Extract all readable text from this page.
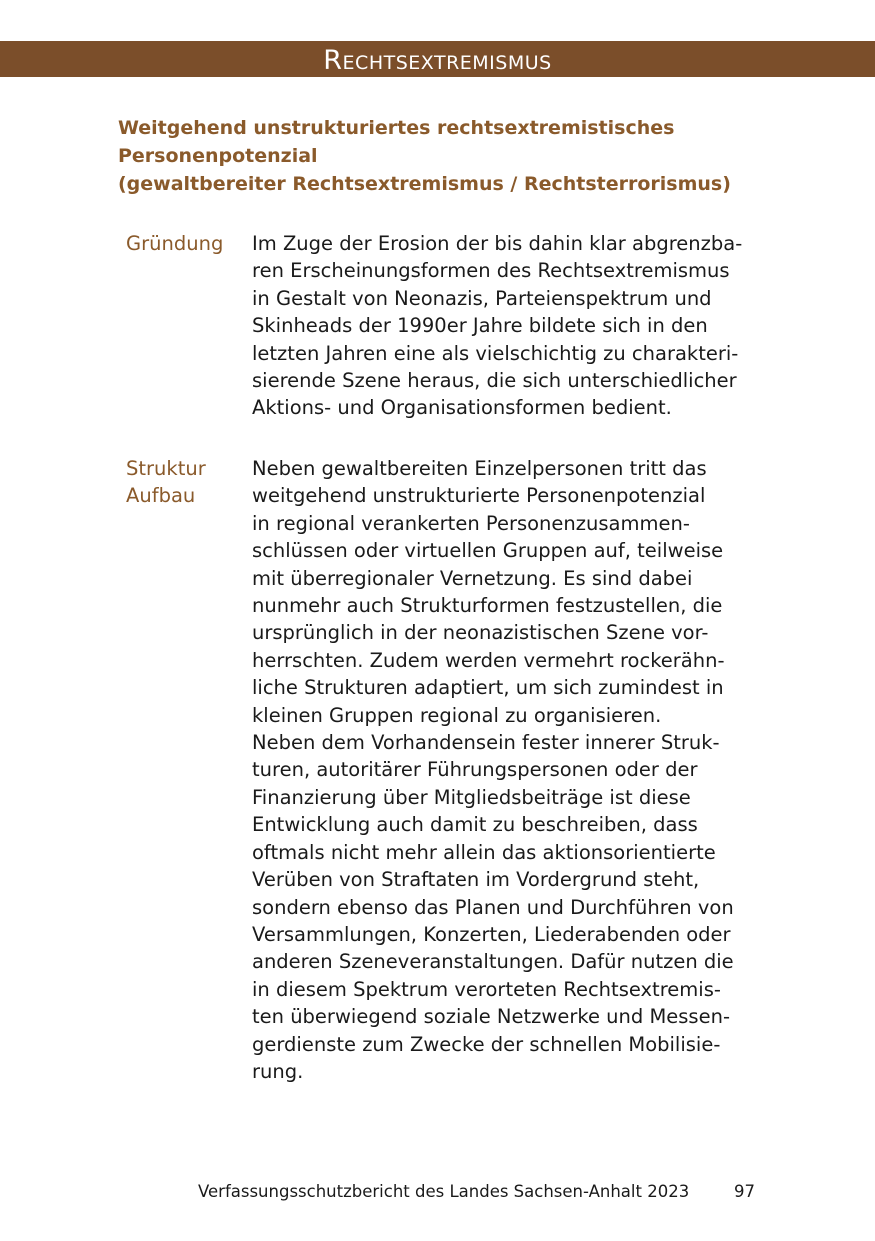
Rechtsextremismus
Weitgehend unstrukturiertes rechtsextremistisches
Personenpotenzial
(gewaltbereiter Rechtsextremismus / Rechtsterrorismus)
Gründung Im Zuge der Erosion der bis dahin klar abgrenzba-
ren Erscheinungsformen des Rechtsextremismus
in Gestalt von Neonazis, Parteienspektrum und
Skinheads der 1990er Jahre bildete sich in den
letzten Jahren eine als vielschichtig zu charakteri-
sierende Szene heraus, die sich unterschiedlicher
Aktions- und Organisationsformen bedient.
Struktur
Aufbau
Neben gewaltbereiten Einzelpersonen tritt das
weitgehend unstrukturierte Personenpotenzial
in regional verankerten Personenzusammen-
schlüssen oder virtuellen Gruppen auf, teilweise
mit überregionaler Vernetzung. Es sind dabei
nunmehr auch Strukturformen festzustellen, die
ursprünglich in der neonazistischen Szene vor-
herrschten. Zudem werden vermehrt rockerähn-
liche Strukturen adaptiert, um sich zumindest in
kleinen Gruppen regional zu organisieren.
Neben dem Vorhandensein fester innerer Struk-
turen, autoritärer Führungspersonen oder der
Finanzierung über Mitgliedsbeiträge ist diese
Entwicklung auch damit zu beschreiben, dass
oftmals nicht mehr allein das aktionsorientierte
Verüben von Straftaten im Vordergrund steht,
sondern ebenso das Planen und Durchführen von
Versammlungen, Konzerten, Liederabenden oder
anderen Szeneveranstaltungen. Dafür nutzen die
in diesem Spektrum verorteten Rechtsextremis-
ten überwiegend soziale Netzwerke und Messen-
gerdienste zum Zwecke der schnellen Mobilisie-
rung.
Verfassungsschutzbericht des Landes Sachsen-Anhalt 2023	97
